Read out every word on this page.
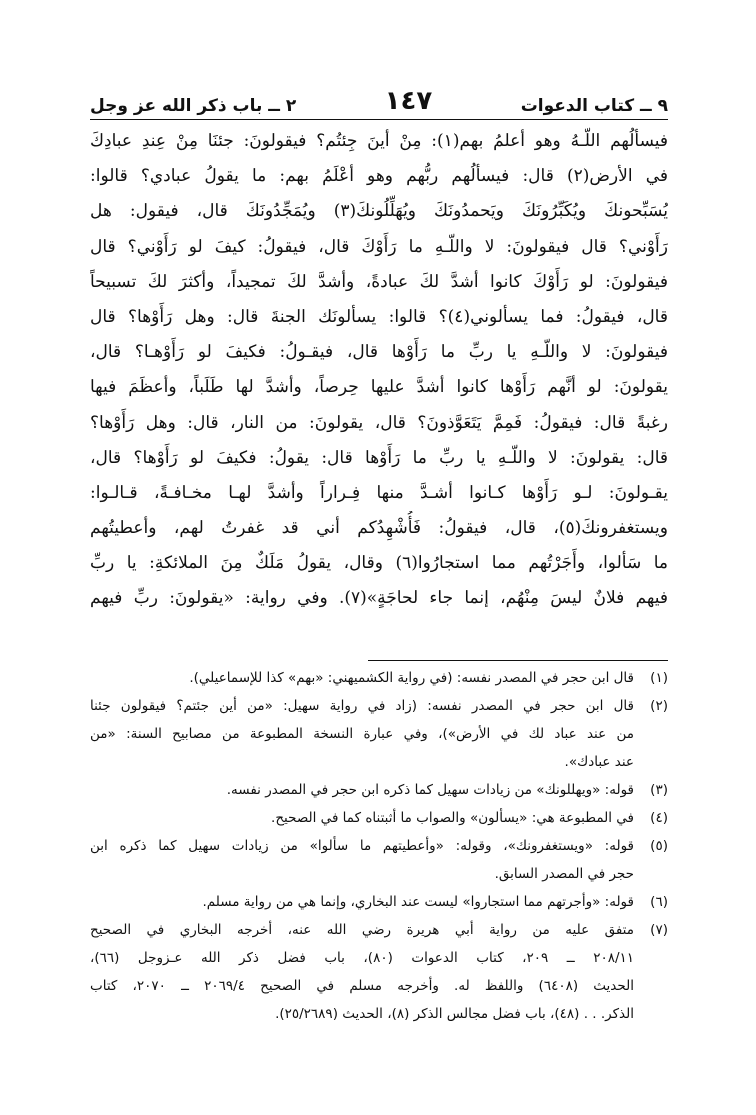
٩ ــ كتاب الدعوات
١٤٧
٢ ــ باب ذكر الله عز وجل
فيسألُهم اللّـهُ وهو أعلمُ بهم(١): مِنْ أينَ جِئتُم؟ فيقولونَ: جئنَا مِنْ عِندِ عبادِكَ
في الأرض(٢) قال: فيسألُهم ربُّهم وهو أعْلَمُ بهم: ما يقولُ عبادي؟ قالوا:
يُسَبِّحونكَ ويُكَبِّرُونَكَ ويَحمدُونَكَ ويُهَلِّلُونكَ(٣) ويُمَجِّدُونَكَ قال، فيقول: هل
رَأَوْني؟ قال فيقولونَ: لا واللّـهِ ما رَأَوْكَ قال، فيقولُ: كيفَ لو رَأَوْني؟ قال
فيقولونَ: لو رَأَوْكَ كانوا أشدَّ لكَ عبادةً، وأشدَّ لكَ تمجيداً، وأكثرَ لكَ تسبيحاً
قال، فيقولُ: فما يسألوني(٤)؟ قالوا: يسألونَك الجنةَ قال: وهل رَأَوْها؟ قال
فيقولونَ: لا واللّـهِ يا ربِّ ما رَأَوْها قال، فيقـولُ: فكيفَ لو رَأَوْهـا؟ قال،
يقولونَ: لو أنَّهم رَأَوْها كانوا أشدَّ عليها حِرصاً، وأشدَّ لها طَلَباً، وأعظَمَ فيها
رغبةً قال: فيقولُ: فَمِمَّ يَتَعَوَّذونَ؟ قال، يقولونَ: من النار، قال: وهل رَأَوْها؟
قال: يقولونَ: لا واللّـهِ يا ربِّ ما رَأَوْها قال: يقولُ: فكيفَ لو رَأَوْها؟ قال،
يقـولونَ: لـو رَأَوْها كـانوا أشـدَّ منها فِـراراً وأشدَّ لهـا مخـافـةً، قـالـوا:
ويستغفرونكَ(٥)، قال، فيقولُ: فَأُشْهِدُكم أني قد غفرتُ لهم، وأعطيتُهم
ما سَألوا، وأَجَرْتُهم مما استجارُوا(٦) وقال، يقولُ مَلَكٌ مِنَ الملائكةِ: يا ربِّ
فيهم فلانٌ ليسَ مِنْهُم، إنما جاء لحاجَةٍ»(٧). وفي رواية: «يقولونَ: ربِّ فيهم
(١)
قال ابن حجر في المصدر نفسه: (في رواية الكشميهني: «بهم» كذا للإسماعيلي).
(٢)
قال ابن حجر في المصدر نفسه: (زاد في رواية سهيل: «من أين جئتم؟ فيقولون جئنا
من عند عباد لك في الأرض»)، وفي عبارة النسخة المطبوعة من مصابيح السنة: «من
عند عبادك».
(٣)
قوله: «ويهللونك» من زيادات سهيل كما ذكره ابن حجر في المصدر نفسه.
(٤)
في المطبوعة هي: «يسألون» والصواب ما أثبتناه كما في الصحيح.
(٥)
قوله: «ويستغفرونك»، وقوله: «وأعطيتهم ما سألوا» من زيادات سهيل كما ذكره ابن
حجر في المصدر السابق.
(٦)
قوله: «وأجرتهم مما استجاروا» ليست عند البخاري، وإنما هي من رواية مسلم.
(٧)
متفق عليه من رواية أبي هريرة رضي الله عنه، أخرجه البخاري في الصحيح
٢٠٨/١١ ــ ٢٠٩، كتاب الدعوات (٨٠)، باب فضل ذكر الله عـزوجل (٦٦)،
الحديث (٦٤٠٨) واللفظ له. وأخرجه مسلم في الصحيح ٢٠٦٩/٤ ــ ٢٠٧٠، كتاب
الذكر. . . (٤٨)، باب فضل مجالس الذكر (٨)، الحديث (٢٥/٢٦٨٩).
